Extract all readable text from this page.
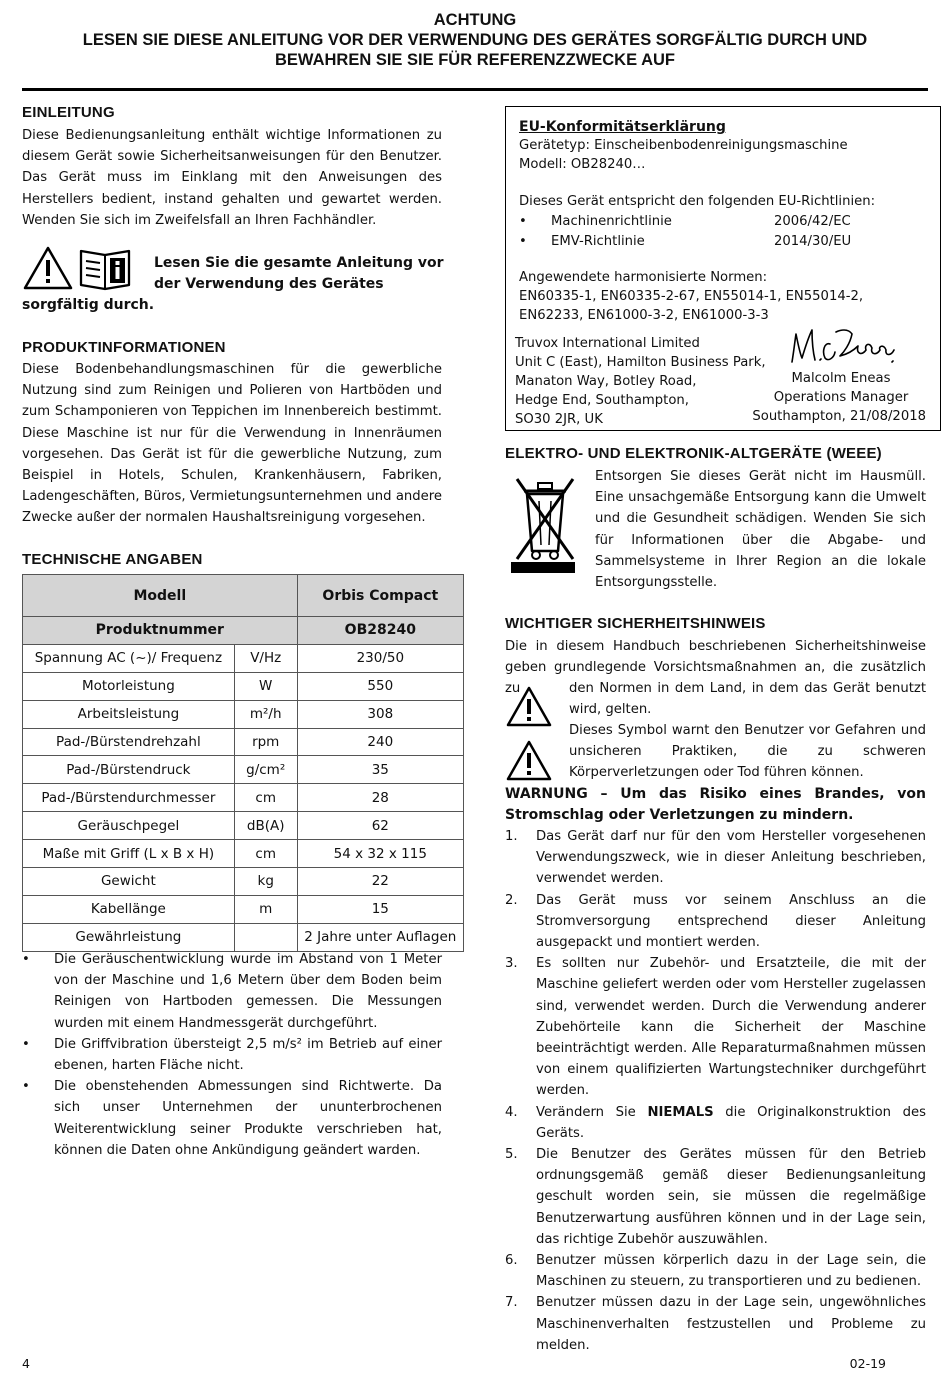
ACHTUNG
LESEN SIE DIESE ANLEITUNG VOR DER VERWENDUNG DES GERÄTES SORGFÄLTIG DURCH UND
BEWAHREN SIE SIE FÜR REFERENZZWECKE AUF
EINLEITUNG
Diese Bedienungsanleitung enthält wichtige Informationen zu diesem Gerät sowie Sicherheitsanweisungen für den Benutzer. Das Gerät muss im Einklang mit den Anweisungen des Herstellers bedient, instand gehalten und gewartet werden. Wenden Sie sich im Zweifelsfall an Ihren Fachhändler.
Lesen Sie die gesamte Anleitung vor
der Verwendung des Gerätes
sorgfältig durch.
PRODUKTINFORMATIONEN
Diese Bodenbehandlungsmaschinen für die gewerbliche Nutzung sind zum Reinigen und Polieren von Hartböden und zum Schamponieren von Teppichen im Innenbereich bestimmt. Diese Maschine ist nur für die Verwendung in Innenräumen vorgesehen. Das Gerät ist für die gewerbliche Nutzung, zum Beispiel in Hotels, Schulen, Krankenhäusern, Fabriken, Ladengeschäften, Büros, Vermietungsunternehmen und andere Zwecke außer der normalen Haushaltsreinigung vorgesehen.
TECHNISCHE ANGABEN
Modell		Orbis Compact
Produktnummer		OB28240
Spannung AC (~)/ Frequenz	V/Hz	230/50
Motorleistung	W	550
Arbeitsleistung	m²/h	308
Pad-/Bürstendrehzahl	rpm	240
Pad-/Bürstendruck	g/cm²	35
Pad-/Bürstendurchmesser	cm	28
Geräuschpegel	dB(A)	62
Maße mit Griff (L x B x H)	cm	54 x 32 x 115
Gewicht	kg	22
Kabellänge	m	15
Gewährleistung		2 Jahre unter Auflagen
• Die Geräuschentwicklung wurde im Abstand von 1 Meter von der Maschine und 1,6 Metern über dem Boden beim Reinigen von Hartboden gemessen. Die Messungen wurden mit einem Handmessgerät durchgeführt.
• Die Griffvibration übersteigt 2,5 m/s² im Betrieb auf einer ebenen, harten Fläche nicht.
• Die obenstehenden Abmessungen sind Richtwerte. Da sich unser Unternehmen der ununterbrochenen Weiterentwicklung seiner Produkte verschrieben hat, können die Daten ohne Ankündigung geändert warden.
EU-Konformitätserklärung
Gerätetyp: Einscheibenbodenreinigungsmaschine
Modell: OB28240…
Dieses Gerät entspricht den folgenden EU-Richtlinien:
• Machinenrichtlinie	2006/42/EC
• EMV-Richtlinie	2014/30/EU
Angewendete harmonisierte Normen:
EN60335-1, EN60335-2-67, EN55014-1, EN55014-2,
EN62233, EN61000-3-2, EN61000-3-3
Truvox International Limited
Unit C (East), Hamilton Business Park,
Manaton Way, Botley Road,
Hedge End, Southampton,
SO30 2JR, UK
Malcolm Eneas
Operations Manager
Southampton, 21/08/2018
ELEKTRO- UND ELEKTRONIK-ALTGERÄTE (WEEE)
Entsorgen Sie dieses Gerät nicht im Hausmüll. Eine unsachgemäße Entsorgung kann die Umwelt und die Gesundheit schädigen. Wenden Sie sich für Informationen über die Abgabe- und Sammelsysteme in Ihrer Region an die lokale Entsorgungsstelle.
WICHTIGER SICHERHEITSHINWEIS
Die in diesem Handbuch beschriebenen Sicherheitshinweise geben grundlegende Vorsichtsmaßnahmen an, die zusätzlich zu	den Normen in dem Land, in dem das Gerät benutzt wird, gelten.
Dieses Symbol warnt den Benutzer vor Gefahren und unsicheren Praktiken, die zu schweren Körperverletzungen oder Tod führen können.
WARNUNG – Um das Risiko eines Brandes, von Stromschlag oder Verletzungen zu mindern.
1. Das Gerät darf nur für den vom Hersteller vorgesehenen Verwendungszweck, wie in dieser Anleitung beschrieben, verwendet werden.
2. Das Gerät muss vor seinem Anschluss an die Stromversorgung entsprechend dieser Anleitung ausgepackt und montiert werden.
3. Es sollten nur Zubehör- und Ersatzteile, die mit der Maschine geliefert werden oder vom Hersteller zugelassen sind, verwendet werden. Durch die Verwendung anderer Zubehörteile kann die Sicherheit der Maschine beeinträchtigt werden. Alle Reparaturmaßnahmen müssen von einem qualifizierten Wartungstechniker durchgeführt werden.
4. Verändern Sie NIEMALS die Originalkonstruktion des Geräts.
5. Die Benutzer des Gerätes müssen für den Betrieb ordnungsgemäß gemäß dieser Bedienungsanleitung geschult worden sein, sie müssen die regelmäßige Benutzerwartung ausführen können und in der Lage sein, das richtige Zubehör auszuwählen.
6. Benutzer müssen körperlich dazu in der Lage sein, die Maschinen zu steuern, zu transportieren und zu bedienen.
7. Benutzer müssen dazu in der Lage sein, ungewöhnliches Maschinenverhalten festzustellen und Probleme zu melden.
4	02-19
